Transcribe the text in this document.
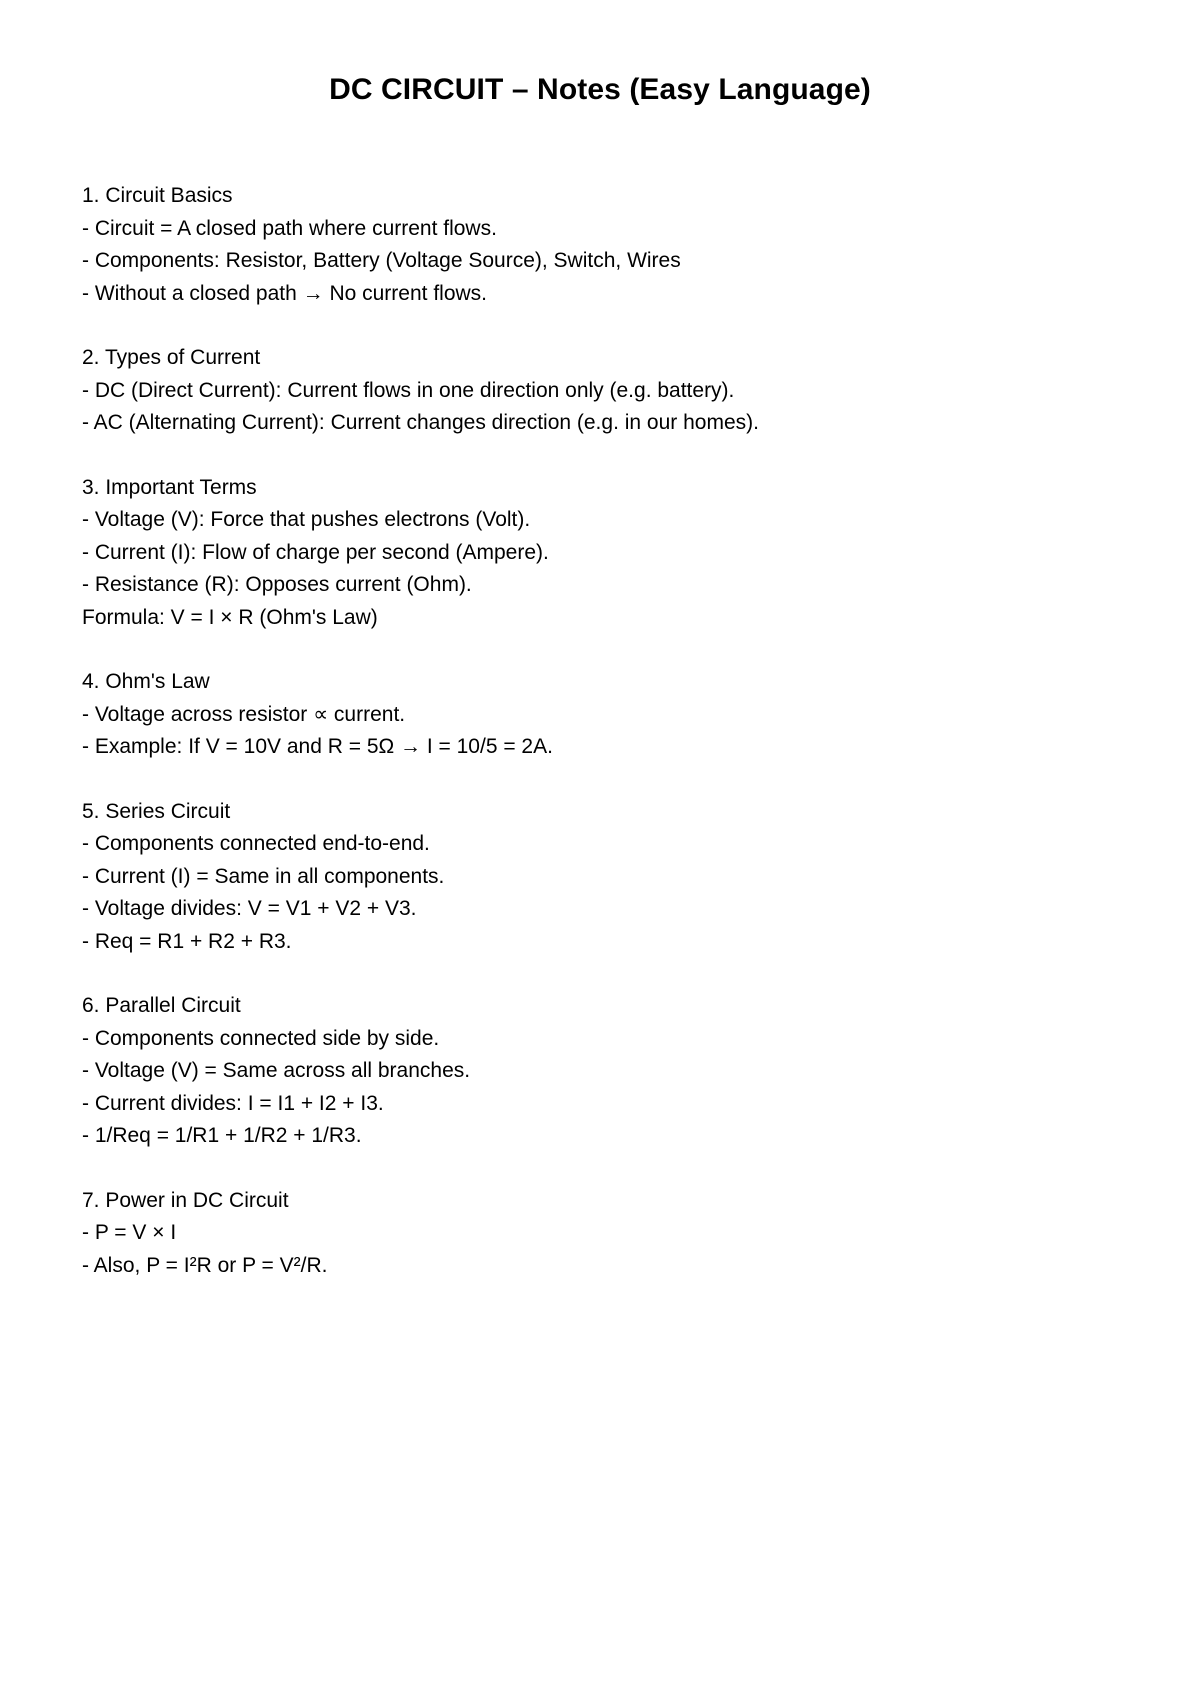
DC CIRCUIT – Notes (Easy Language)

1. Circuit Basics

- Circuit = A closed path where current flows.

- Components: Resistor, Battery (Voltage Source), Switch, Wires

- Without a closed path → No current flows.

2. Types of Current

- DC (Direct Current): Current flows in one direction only (e.g. battery).

- AC (Alternating Current): Current changes direction (e.g. in our homes).

3. Important Terms

- Voltage (V): Force that pushes electrons (Volt).

- Current (I): Flow of charge per second (Ampere).

- Resistance (R): Opposes current (Ohm).

Formula: V = I × R (Ohm's Law)

4. Ohm's Law

- Voltage across resistor ∝ current.

- Example: If V = 10V and R = 5Ω → I = 10/5 = 2A.

5. Series Circuit

- Components connected end-to-end.

- Current (I) = Same in all components.

- Voltage divides: V = V1 + V2 + V3.

- Req = R1 + R2 + R3.

6. Parallel Circuit

- Components connected side by side.

- Voltage (V) = Same across all branches.

- Current divides: I = I1 + I2 + I3.

- 1/Req = 1/R1 + 1/R2 + 1/R3.

7. Power in DC Circuit

- P = V × I

- Also, P = I²R or P = V²/R.
